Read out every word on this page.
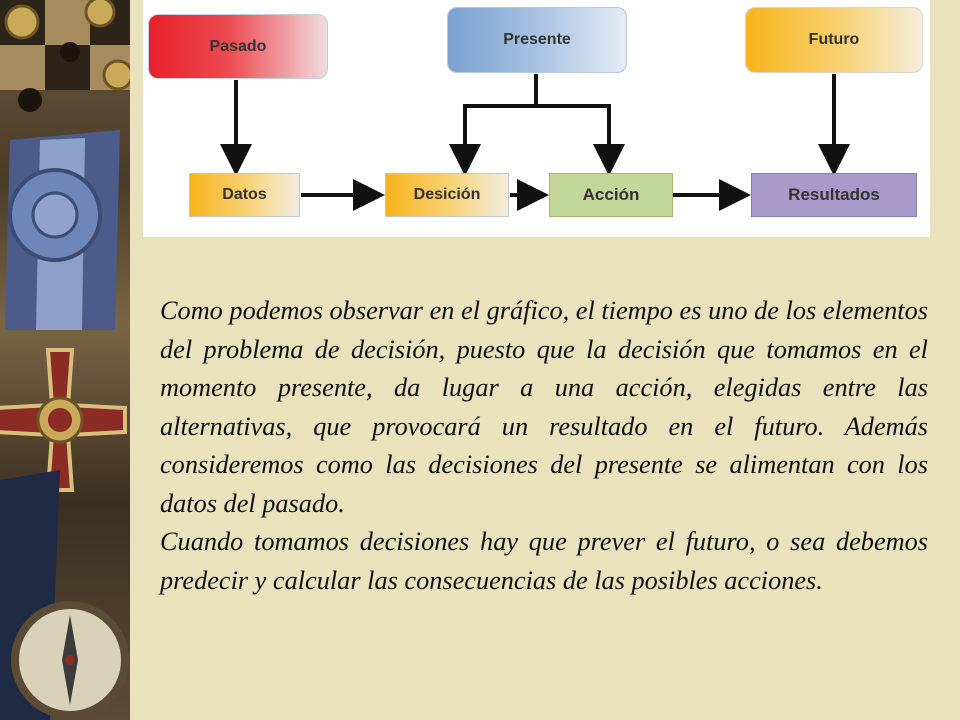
Pasado	Presente	Futuro
Datos	Desición	Acción	Resultados

Como podemos observar en el gráfico, el tiempo es uno de los elementos del problema de decisión, puesto que la decisión que tomamos en el momento presente, da lugar a una acción, elegidas entre las alternativas, que provocará un resultado en el futuro. Además consideremos como las decisiones del presente se alimentan con los datos del pasado.

Cuando tomamos decisiones hay que prever el futuro, o sea debemos predecir y calcular las consecuencias de las posibles acciones.
